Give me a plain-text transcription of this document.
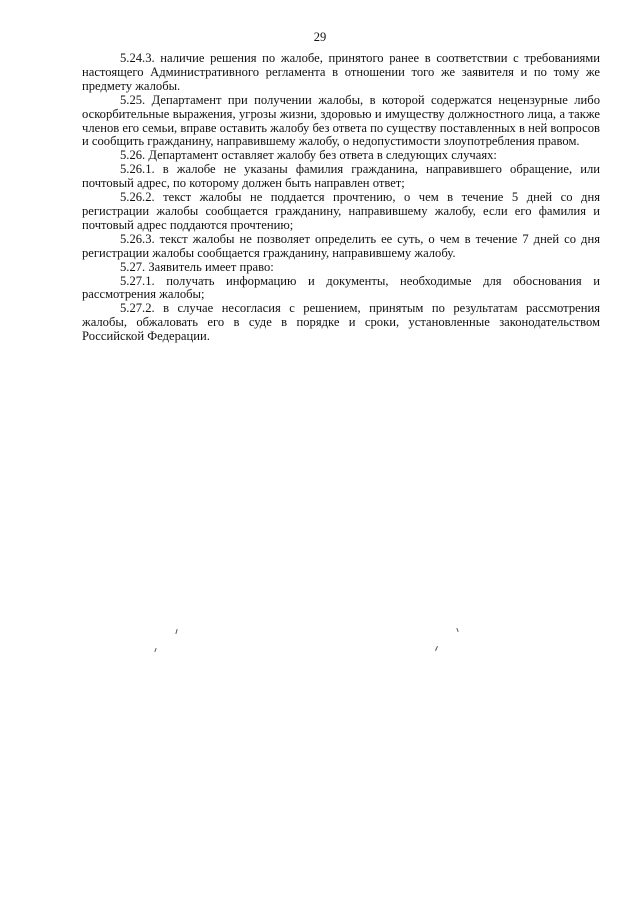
29

5.24.3. наличие решения по жалобе, принятого ранее в соответствии с требованиями настоящего Административного регламента в отношении того же заявителя и по тому же предмету жалобы.

5.25. Департамент при получении жалобы, в которой содержатся нецензурные либо оскорбительные выражения, угрозы жизни, здоровью и имуществу должностного лица, а также членов его семьи, вправе оставить жалобу без ответа по существу поставленных в ней вопросов и сообщить гражданину, направившему жалобу, о недопустимости злоупотребления правом.

5.26. Департамент оставляет жалобу без ответа в следующих случаях:

5.26.1. в жалобе не указаны фамилия гражданина, направившего обращение, или почтовый адрес, по которому должен быть направлен ответ;

5.26.2. текст жалобы не поддается прочтению, о чем в течение 5 дней со дня регистрации жалобы сообщается гражданину, направившему жалобу, если его фамилия и почтовый адрес поддаются прочтению;

5.26.3. текст жалобы не позволяет определить ее суть, о чем в течение 7 дней со дня регистрации жалобы сообщается гражданину, направившему жалобу.

5.27. Заявитель имеет право:

5.27.1. получать информацию и документы, необходимые для обоснования и рассмотрения жалобы;

5.27.2. в случае несогласия с решением, принятым по результатам рассмотрения жалобы, обжаловать его в суде в порядке и сроки, установленные законодательством Российской Федерации.
